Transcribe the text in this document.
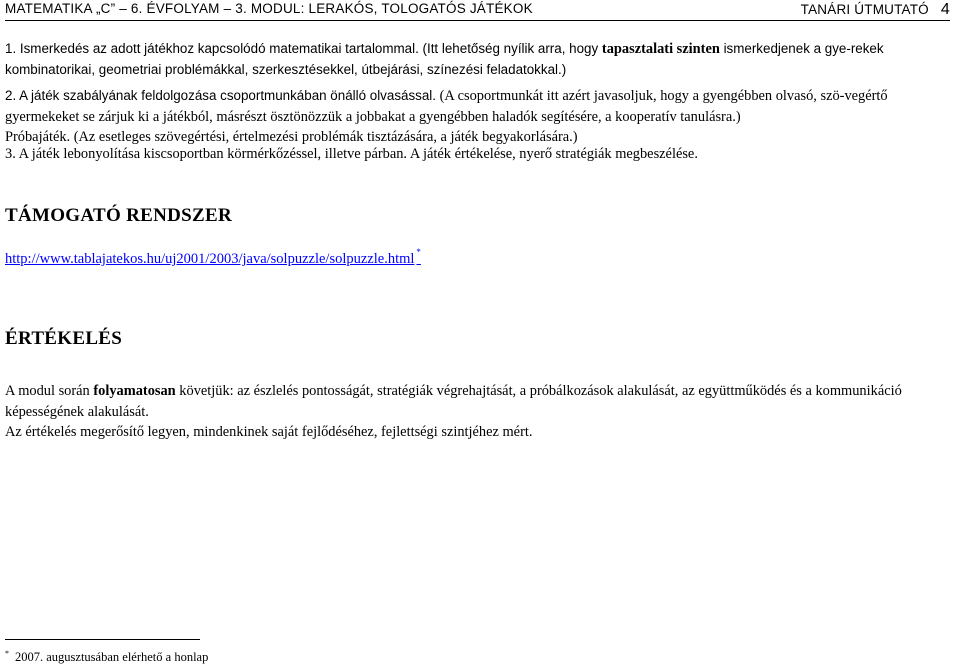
MATEMATIKA „C” – 6. ÉVFOLYAM – 3. MODUL: LERAKÓS, TOLOGATÓS JÁTÉKOK	TANÁRI ÚTMUTATÓ 4

1. Ismerkedés az adott játékhoz kapcsolódó matematikai tartalommal. (Itt lehetőség nyílik arra, hogy tapasztalati szinten ismerkedjenek a gye-rekek kombinatorikai, geometriai problémákkal, szerkesztésekkel, útbejárási, színezési feladatokkal.)

2. A játék szabályának feldolgozása csoportmunkában önálló olvasással. (A csoportmunkát itt azért javasoljuk, hogy a gyengébben olvasó, szö-vegértő gyermekeket se zárjuk ki a játékból, másrészt ösztönözzük a jobbakat a gyengébben haladók segítésére, a kooperatív tanulásra.)
Próbajáték. (Az esetleges szövegértési, értelmezési problémák tisztázására, a játék begyakorlására.)

3. A játék lebonyolítása kiscsoportban körmérkőzéssel, illetve párban. A játék értékelése, nyerő stratégiák megbeszélése.

TÁMOGATÓ RENDSZER
http://www.tablajatekos.hu/uj2001/2003/java/solpuzzle/solpuzzle.html *
ÉRTÉKELÉS

A modul során folyamatosan követjük: az észlelés pontosságát, stratégiák végrehajtását, a próbálkozások alakulását, az együttműködés és a kommunikáció képességének alakulását.
Az értékelés megerősítő legyen, mindenkinek saját fejlődéséhez, fejlettségi szintjéhez mért.

* 2007. augusztusában elérhető a honlap
